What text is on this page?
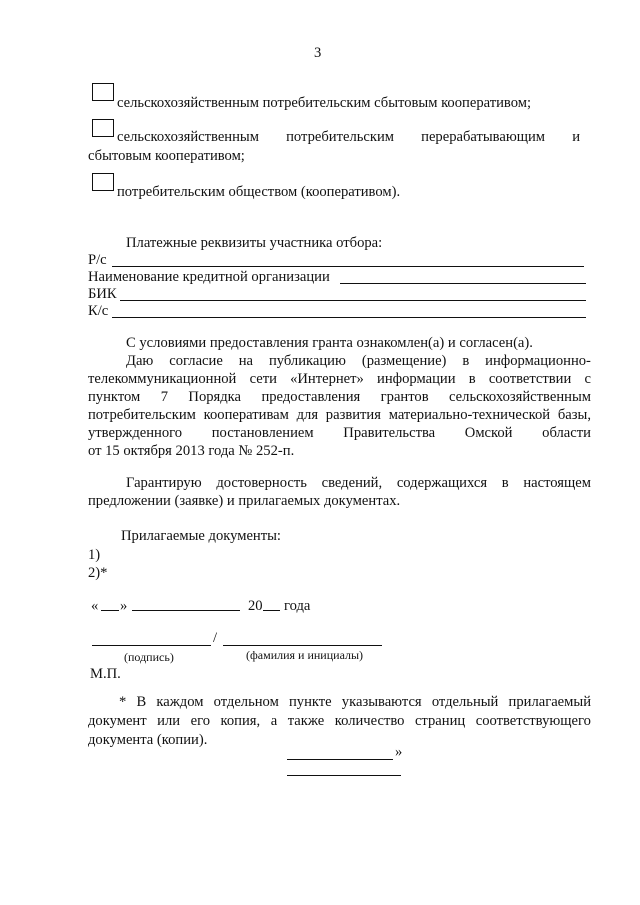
3
сельскохозяйственным потребительским сбытовым кооперативом;
сельскохозяйственным потребительским перерабатывающим и
сбытовым кооперативом;
потребительским обществом (кооперативом).
Платежные реквизиты участника отбора:
Р/с
Наименование кредитной организации
БИК
К/с
С условиями предоставления гранта ознакомлен(а) и согласен(а).
Даю согласие на публикацию (размещение) в информационно-
телекоммуникационной сети «Интернет» информации в соответствии с
пунктом 7 Порядка предоставления грантов сельскохозяйственным
потребительским кооперативам для развития материально-технической базы,
утвержденного постановлением Правительства Омской области
от 15 октября 2013 года № 252-п.
Гарантирую достоверность сведений, содержащихся в настоящем
предложении (заявке) и прилагаемых документах.
Прилагаемые документы:
1)
2)*
« »	20 года
/
(подпись)	(фамилия и инициалы)
М.П.
* В каждом отдельном пункте указываются отдельный прилагаемый
документ или его копия, а также количество страниц соответствующего
документа (копии).
»
